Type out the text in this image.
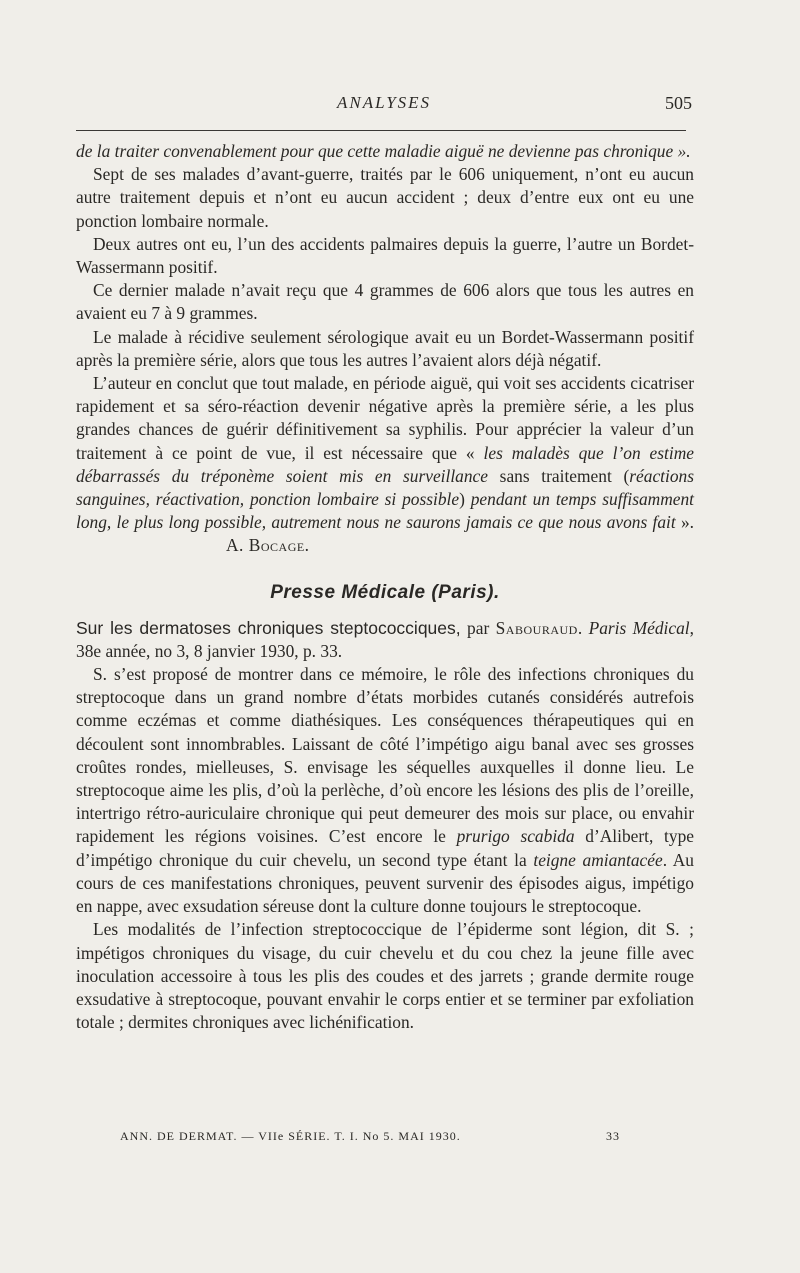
ANALYSES	505

de la traiter convenablement pour que cette maladie aiguë ne devienne pas chronique ».

Sept de ses malades d’avant-guerre, traités par le 606 uniquement, n’ont eu aucun autre traitement depuis et n’ont eu aucun accident ; deux d’entre eux ont eu une ponction lombaire normale.

Deux autres ont eu, l’un des accidents palmaires depuis la guerre, l’autre un Bordet-Wassermann positif.

Ce dernier malade n’avait reçu que 4 grammes de 606 alors que tous les autres en avaient eu 7 à 9 grammes.

Le malade à récidive seulement sérologique avait eu un Bordet-Wassermann positif après la première série, alors que tous les autres l’avaient alors déjà négatif.

L’auteur en conclut que tout malade, en période aiguë, qui voit ses accidents cicatriser rapidement et sa séro-réaction devenir négative après la première série, a les plus grandes chances de guérir définitivement sa syphilis. Pour apprécier la valeur d’un traitement à ce point de vue, il est nécessaire que « les maladès que l’on estime débarrassés du tréponème soient mis en surveillance sans traitement (réactions sanguines, réactivation, ponction lombaire si possible) pendant un temps suffisamment long, le plus long possible, autrement nous ne saurons jamais ce que nous avons fait ».A. Bocage.

Presse Médicale (Paris).

Sur les dermatoses chroniques steptococciques, par Sabouraud. Paris Médical, 38e année, no 3, 8 janvier 1930, p. 33.

S. s’est proposé de montrer dans ce mémoire, le rôle des infections chroniques du streptocoque dans un grand nombre d’états morbides cutanés considérés autrefois comme eczémas et comme diathésiques. Les conséquences thérapeutiques qui en découlent sont innombrables. Laissant de côté l’impétigo aigu banal avec ses grosses croûtes rondes, mielleuses, S. envisage les séquelles auxquelles il donne lieu. Le streptocoque aime les plis, d’où la perlèche, d’où encore les lésions des plis de l’oreille, intertrigo rétro-auriculaire chronique qui peut demeurer des mois sur place, ou envahir rapidement les régions voisines. C’est encore le prurigo scabida d’Alibert, type d’impétigo chronique du cuir chevelu, un second type étant la teigne amiantacée. Au cours de ces manifestations chroniques, peuvent survenir des épisodes aigus, impétigo en nappe, avec exsudation séreuse dont la culture donne toujours le streptocoque.

Les modalités de l’infection streptococcique de l’épiderme sont légion, dit S. ; impétigos chroniques du visage, du cuir chevelu et du cou chez la jeune fille avec inoculation accessoire à tous les plis des coudes et des jarrets ; grande dermite rouge exsudative à streptocoque, pouvant envahir le corps entier et se terminer par exfoliation totale ; dermites chroniques avec lichénification.

ANN. DE DERMAT. — VIIe SÉRIE. T. I. No 5. MAI 1930.	33
